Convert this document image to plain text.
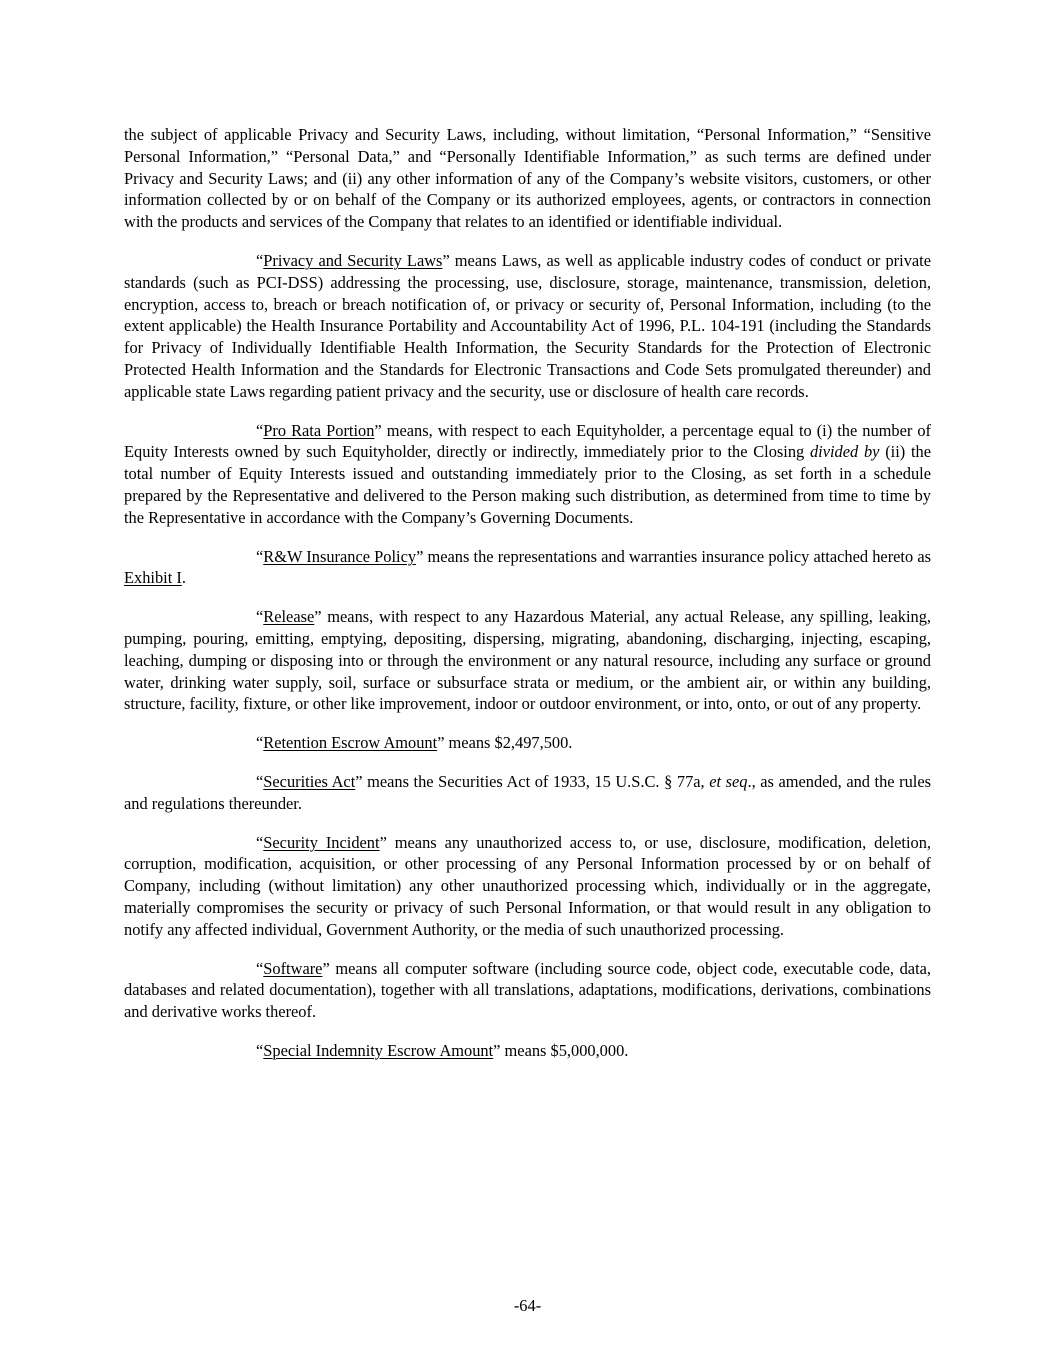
the subject of applicable Privacy and Security Laws, including, without limitation, “Personal Information,” “Sensitive Personal Information,” “Personal Data,” and “Personally Identifiable Information,” as such terms are defined under Privacy and Security Laws; and (ii) any other information of any of the Company’s website visitors, customers, or other information collected by or on behalf of the Company or its authorized employees, agents, or contractors in connection with the products and services of the Company that relates to an identified or identifiable individual.

“Privacy and Security Laws” means Laws, as well as applicable industry codes of conduct or private standards (such as PCI-DSS) addressing the processing, use, disclosure, storage, maintenance, transmission, deletion, encryption, access to, breach or breach notification of, or privacy or security of, Personal Information, including (to the extent applicable) the Health Insurance Portability and Accountability Act of 1996, P.L. 104-191 (including the Standards for Privacy of Individually Identifiable Health Information, the Security Standards for the Protection of Electronic Protected Health Information and the Standards for Electronic Transactions and Code Sets promulgated thereunder) and applicable state Laws regarding patient privacy and the security, use or disclosure of health care records.

“Pro Rata Portion” means, with respect to each Equityholder, a percentage equal to (i) the number of Equity Interests owned by such Equityholder, directly or indirectly, immediately prior to the Closing divided by (ii) the total number of Equity Interests issued and outstanding immediately prior to the Closing, as set forth in a schedule prepared by the Representative and delivered to the Person making such distribution, as determined from time to time by the Representative in accordance with the Company’s Governing Documents.

“R&W Insurance Policy” means the representations and warranties insurance policy attached hereto as Exhibit I.

“Release” means, with respect to any Hazardous Material, any actual Release, any spilling, leaking, pumping, pouring, emitting, emptying, depositing, dispersing, migrating, abandoning, discharging, injecting, escaping, leaching, dumping or disposing into or through the environment or any natural resource, including any surface or ground water, drinking water supply, soil, surface or subsurface strata or medium, or the ambient air, or within any building, structure, facility, fixture, or other like improvement, indoor or outdoor environment, or into, onto, or out of any property.

“Retention Escrow Amount” means $2,497,500.

“Securities Act” means the Securities Act of 1933, 15 U.S.C. § 77a, et seq., as amended, and the rules and regulations thereunder.

“Security Incident” means any unauthorized access to, or use, disclosure, modification, deletion, corruption, modification, acquisition, or other processing of any Personal Information processed by or on behalf of Company, including (without limitation) any other unauthorized processing which, individually or in the aggregate, materially compromises the security or privacy of such Personal Information, or that would result in any obligation to notify any affected individual, Government Authority, or the media of such unauthorized processing.

“Software” means all computer software (including source code, object code, executable code, data, databases and related documentation), together with all translations, adaptations, modifications, derivations, combinations and derivative works thereof.

“Special Indemnity Escrow Amount” means $5,000,000.

-64-
